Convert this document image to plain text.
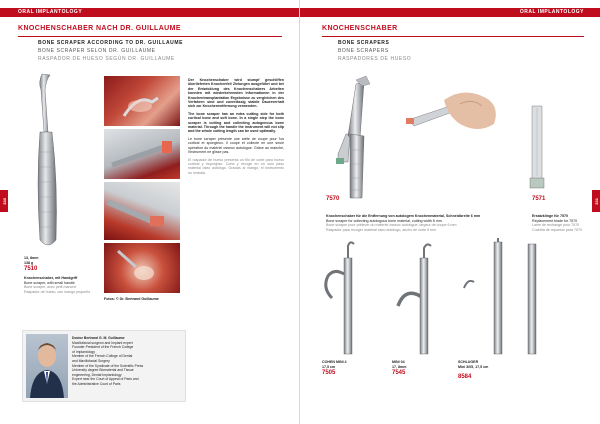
ORAL IMPLANTOLOGY
KNOCHENSCHABER NACH DR. GUILLAUME
BONE SCRAPER ACCORDING TO DR. GUILLAUME
BONE SCRAPER SELON DR. GUILLAUME
RASPADOR DE HUESO SEGÚN DR. GUILLAUME
330
13, 8mm
138 g
7510
Knochenschaber, mit Handgriff
Bone scraper, with small handle
Bone scraper, avec petit manche
Raspador de hueso, con mango pequeño
Fotos: © Dr. Bertrand Guillaume

Der Knochenschaber wird stumpf geschliffen überlieferten Knochenfeil Zielungen ausgeführt und bei der Entwicklung des Knochenschabers Arbeiten konnten mit wiederkehrenden Informationen in der Knochentransplantation Ergebnisse zu vergleichen des Verfahren sind und zuverlässig stabile Dauerverhalt sich zur Knochenentfernung verwenden.

The bone scraper has an extra cutting side for both cortical bone and soft bone. In a single step the bone scraper is cutting and collecting autogenous bone material. Through the handle the instrument will not slip and the whole cutting length can be used optimally.

Le bone scraper présente une arête de coupe pour l'os cortical et spongieux. Il coupe et collecte en une seule opération du matériel osseux autologue. Grâce au manche, l'instrument ne glisse pas.

El raspador de hueso presenta un filo de corte para hueso cortical y esponjoso. Corta y recoge en un solo paso material óseo autólogo. Gracias al mango, el instrumento no resbala.

Doctor Bertrand G. M. Guillaume
Maxillofacial surgeon and Implant expert
Founder President of the French College
of Implantology
Member of the French College of Dental
and Maxillofacial Surgery
Member of the Syndicate of the Scientific Press
University degree Biomaterial and Tissue
engineering, Dental Implantology
Expert near the Court of Appeal of Paris and
the Administrative Court of Paris
ORAL IMPLANTOLOGY
KNOCHENSCHABER
BONE SCRAPERS
BONE SCRAPERS
RASPADORES DE HUESO
331
7570
Knochenschaber für die Entfernung von autologem Knochenmaterial, Schneidbreite 6 mm
Bone scraper for collecting autologous bone material, cutting width 6 mm
Bone scraper pour prélever du matériel osseux autologue, largeur de coupe 6 mm
Raspador para recoger material óseo autólogo, ancho de corte 6 mm
7571
Ersatzklinge für 7570
Replacement blade for 7570
Lame de rechange pour 7570
Cuchilla de repuesto para 7570
COHEN MINI 4
17,5 cm
7505
MINI 04
17, 8mm
7545
SCHLUGER
Mini 3/05, 17,5 cm
8584
